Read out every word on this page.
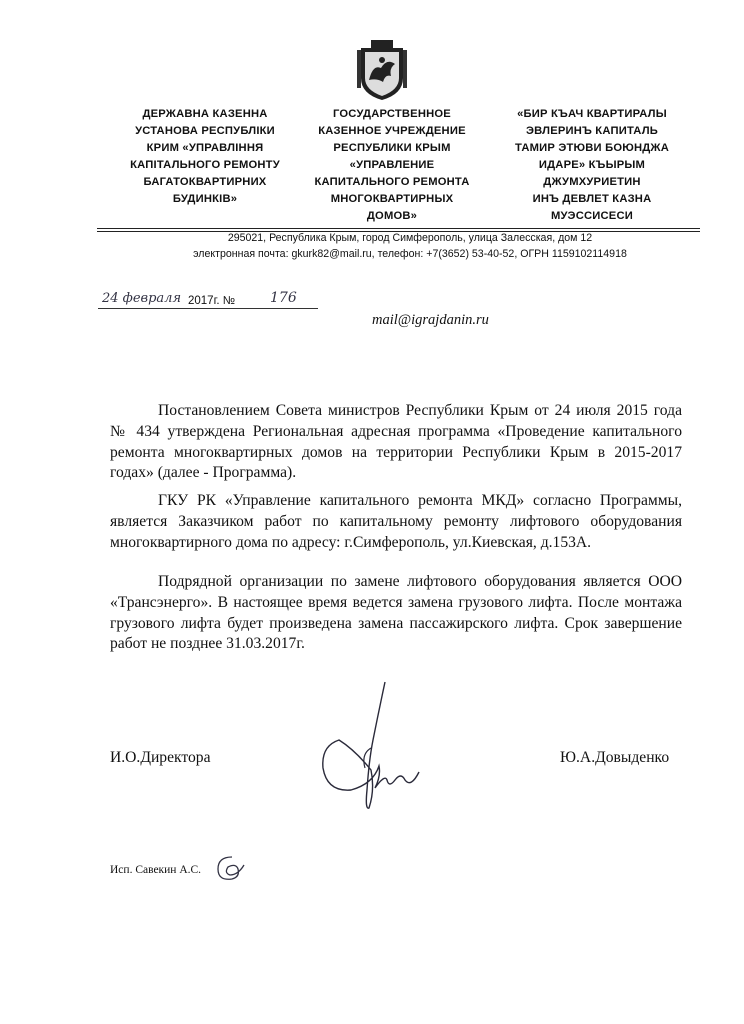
ДЕРЖАВНА КАЗЕННА
УСТАНОВА РЕСПУБЛІКИ
КРИМ «УПРАВЛІННЯ
КАПІТАЛЬНОГО РЕМОНТУ
БАГАТОКВАРТИРНИХ
БУДИНКІВ»
ГОСУДАРСТВЕННОЕ
КАЗЕННОЕ УЧРЕЖДЕНИЕ
РЕСПУБЛИКИ КРЫМ
«УПРАВЛЕНИЕ
КАПИТАЛЬНОГО РЕМОНТА
МНОГОКВАРТИРНЫХ
ДОМОВ»
«БИР КЪАЧ КВАРТИРАЛЫ
ЭВЛЕРИНЪ КАПИТАЛЬ
ТАМИР ЭТЮВИ БОЮНДЖА
ИДАРЕ» КЪЫРЫМ
ДЖУМХУРИЕТИН
ИНЪ ДЕВЛЕТ КАЗНА
МУЭССИСЕСИ
295021, Республика Крым, город Симферополь, улица Залесская, дом 12
электронная почта: gkurk82@mail.ru, телефон: +7(3652) 53-40-52, ОГРН 1159102114918
24 февраля 2017г. № 176
mail@igrajdanin.ru

Постановлением Совета министров Республики Крым от 24 июля 2015 года № 434 утверждена Региональная адресная программа «Проведение капитального ремонта многоквартирных домов на территории Республики Крым в 2015-2017 годах» (далее - Программа).

ГКУ РК «Управление капитального ремонта МКД» согласно Программы, является Заказчиком работ по капитальному ремонту лифтового оборудования многоквартирного дома по адресу: г.Симферополь, ул.Киевская, д.153А.

Подрядной организации по замене лифтового оборудования является ООО «Трансэнерго». В настоящее время ведется замена грузового лифта. После монтажа грузового лифта будет произведена замена пассажирского лифта. Срок завершение работ не позднее 31.03.2017г.

И.О.Директора	Ю.А.Довыденко
Исп. Савекин А.С.
